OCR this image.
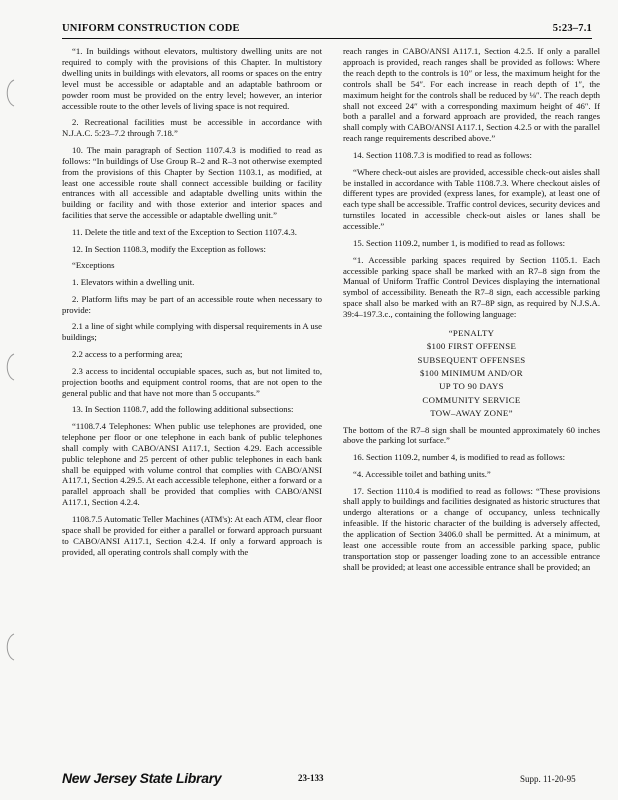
UNIFORM CONSTRUCTION CODE	5:23–7.1

“1. In buildings without elevators, multistory dwelling units are not required to comply with the provisions of this Chapter. In multistory dwelling units in buildings with elevators, all rooms or spaces on the entry level must be accessible or adaptable and an adaptable bathroom or powder room must be provided on the entry level; however, an interior accessible route to the other levels of living space is not required.

2. Recreational facilities must be accessible in accordance with N.J.A.C. 5:23–7.2 through 7.18.”

10. The main paragraph of Section 1107.4.3 is modified to read as follows: “In buildings of Use Group R–2 and R–3 not otherwise exempted from the provisions of this Chapter by Section 1103.1, as modified, at least one accessible route shall connect accessible building or facility entrances with all accessible and adaptable dwelling units within the building or facility and with those exterior and interior spaces and facilities that serve the accessible or adaptable dwelling unit.”

11. Delete the title and text of the Exception to Section 1107.4.3.

12. In Section 1108.3, modify the Exception as follows:

“Exceptions

1. Elevators within a dwelling unit.

2. Platform lifts may be part of an accessible route when necessary to provide:

2.1 a line of sight while complying with dispersal requirements in A use buildings;

2.2 access to a performing area;

2.3 access to incidental occupiable spaces, such as, but not limited to, projection booths and equipment control rooms, that are not open to the general public and that have not more than 5 occupants.”

13. In Section 1108.7, add the following additional subsections:

“1108.7.4 Telephones: When public use telephones are provided, one telephone per floor or one telephone in each bank of public telephones shall comply with CABO/ANSI A117.1, Section 4.29. Each accessible public telephone and 25 percent of other public telephones in each bank shall be equipped with volume control that complies with CABO/ANSI A117.1, Section 4.29.5. At each accessible telephone, either a forward or a parallel approach shall be provided that complies with CABO/ANSI A117.1, Section 4.2.4.

1108.7.5 Automatic Teller Machines (ATM's): At each ATM, clear floor space shall be provided for either a parallel or forward approach pursuant to CABO/ANSI A117.1, Section 4.2.4. If only a forward approach is provided, all operating controls shall comply with the

reach ranges in CABO/ANSI A117.1, Section 4.2.5. If only a parallel approach is provided, reach ranges shall be provided as follows: Where the reach depth to the controls is 10″ or less, the maximum height for the controls shall be 54″. For each increase in reach depth of 1″, the maximum height for the controls shall be reduced by ⅛″. The reach depth shall not exceed 24″ with a corresponding maximum height of 46″. If both a parallel and a forward approach are provided, the reach ranges shall comply with CABO/ANSI A117.1, Section 4.2.5 or with the parallel reach range requirements described above.”

14. Section 1108.7.3 is modified to read as follows:

“Where check-out aisles are provided, accessible check-out aisles shall be installed in accordance with Table 1108.7.3. Where checkout aisles of different types are provided (express lanes, for example), at least one of each type shall be accessible. Traffic control devices, security devices and turnstiles located in accessible check-out aisles or lanes shall be accessible.”

15. Section 1109.2, number 1, is modified to read as follows:

“1. Accessible parking spaces required by Section 1105.1. Each accessible parking space shall be marked with an R7–8 sign from the Manual of Uniform Traffic Control Devices displaying the international symbol of accessibility. Beneath the R7–8 sign, each accessible parking space shall also be marked with an R7–8P sign, as required by N.J.S.A. 39:4–197.3.c., containing the following language:

“PENALTY

$100 FIRST OFFENSE

SUBSEQUENT OFFENSES

$100 MINIMUM AND/OR

UP TO 90 DAYS

COMMUNITY SERVICE

TOW–AWAY ZONE”

The bottom of the R7–8 sign shall be mounted approximately 60 inches above the parking lot surface.”

16. Section 1109.2, number 4, is modified to read as follows:

“4. Accessible toilet and bathing units.”

17. Section 1110.4 is modified to read as follows: “These provisions shall apply to buildings and facilities designated as historic structures that undergo alterations or a change of occupancy, unless technically infeasible. If the historic character of the building is adversely affected, the application of Section 3406.0 shall be permitted. At a minimum, at least one accessible route from an accessible parking space, public transportation stop or passenger loading zone to an accessible entrance shall be provided; at least one accessible entrance shall be provided; an

New Jersey State Library	23-133	Supp. 11-20-95
